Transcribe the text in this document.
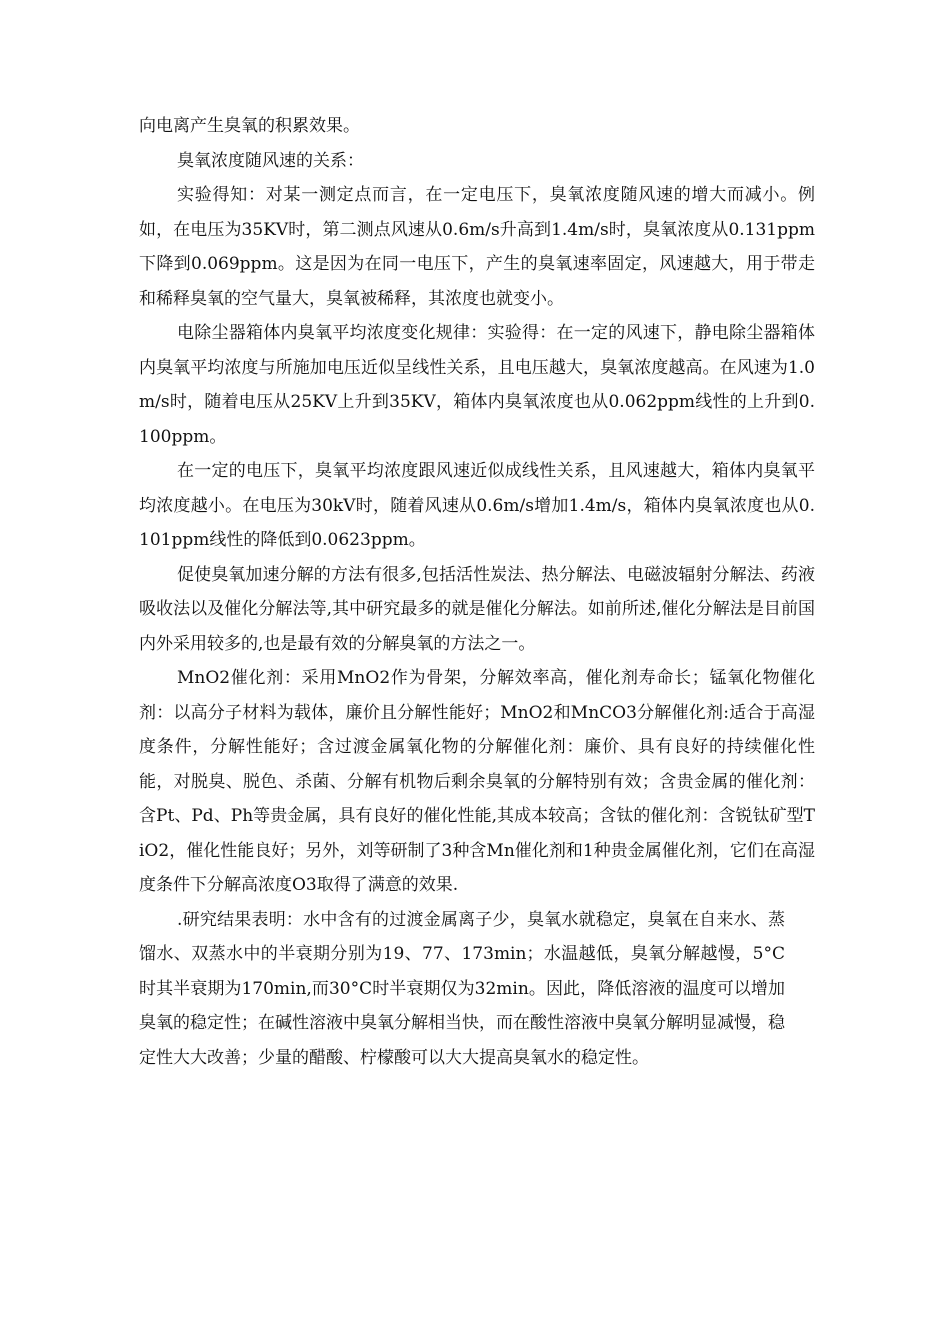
向电离产生臭氧的积累效果。

臭氧浓度随风速的关系：

实验得知：对某一测定点而言，在一定电压下，臭氧浓度随风速的增大而减小。例如，在电压为35KV时，第二测点风速从0.6m/s升高到1.4m/s时，臭氧浓度从0.131ppm下降到0.069ppm。这是因为在同一电压下，产生的臭氧速率固定，风速越大，用于带走和稀释臭氧的空气量大，臭氧被稀释，其浓度也就变小。

电除尘器箱体内臭氧平均浓度变化规律：实验得：在一定的风速下，静电除尘器箱体内臭氧平均浓度与所施加电压近似呈线性关系，且电压越大，臭氧浓度越高。在风速为1.0m/s时，随着电压从25KV上升到35KV，箱体内臭氧浓度也从0.062ppm线性的上升到0.100ppm。

在一定的电压下，臭氧平均浓度跟风速近似成线性关系，且风速越大，箱体内臭氧平均浓度越小。在电压为30kV时，随着风速从0.6m/s增加1.4m/s，箱体内臭氧浓度也从0.101ppm线性的降低到0.0623ppm。

促使臭氧加速分解的方法有很多,包括活性炭法、热分解法、电磁波辐射分解法、药液吸收法以及催化分解法等,其中研究最多的就是催化分解法。如前所述,催化分解法是目前国内外采用较多的,也是最有效的分解臭氧的方法之一。

MnO2催化剂：采用MnO2作为骨架，分解效率高，催化剂寿命长；锰氧化物催化剂：以高分子材料为载体，廉价且分解性能好；MnO2和MnCO3分解催化剂:适合于高湿度条件，分解性能好；含过渡金属氧化物的分解催化剂：廉价、具有良好的持续催化性能，对脱臭、脱色、杀菌、分解有机物后剩余臭氧的分解特别有效；含贵金属的催化剂：含Pt、Pd、Ph等贵金属，具有良好的催化性能,其成本较高；含钛的催化剂：含锐钛矿型TiO2，催化性能良好；另外，刘等研制了3种含Mn催化剂和1种贵金属催化剂，它们在高湿度条件下分解高浓度O3取得了满意的效果.

.研究结果表明：水中含有的过渡金属离子少，臭氧水就稳定，臭氧在自来水、蒸馏水、双蒸水中的半衰期分别为19、77、173min；水温越低，臭氧分解越慢，5°C时其半衰期为170min,而30°C时半衰期仅为32min。因此，降低溶液的温度可以增加臭氧的稳定性；在碱性溶液中臭氧分解相当快，而在酸性溶液中臭氧分解明显减慢，稳定性大大改善；少量的醋酸、柠檬酸可以大大提高臭氧水的稳定性。
